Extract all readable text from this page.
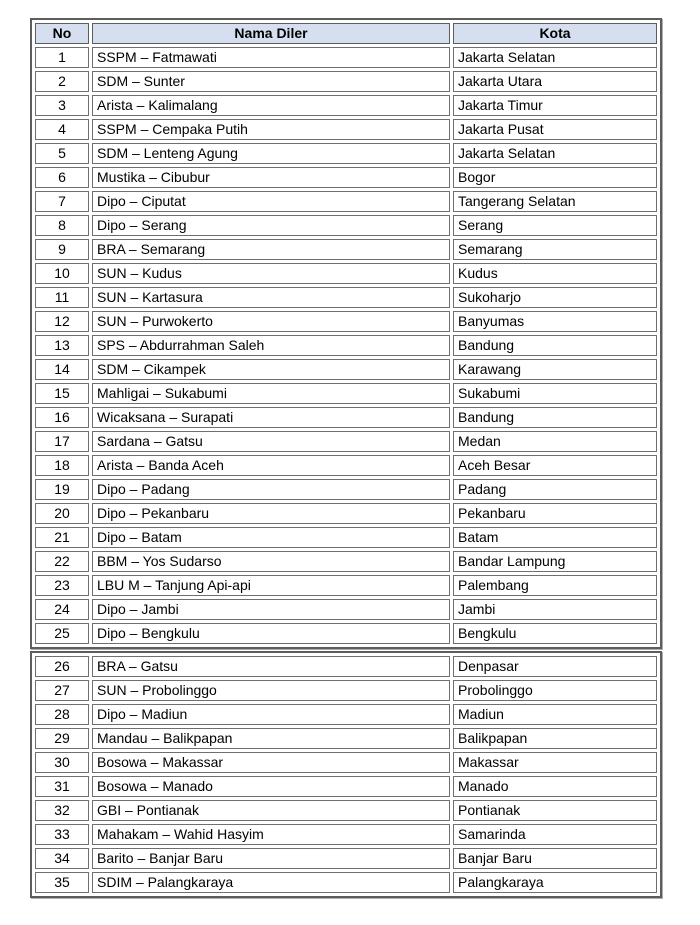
No	Nama Diler	Kota
1	SSPM – Fatmawati	Jakarta Selatan
2	SDM – Sunter	Jakarta Utara
3	Arista – Kalimalang	Jakarta Timur
4	SSPM – Cempaka Putih	Jakarta Pusat
5	SDM – Lenteng Agung	Jakarta Selatan
6	Mustika – Cibubur	Bogor
7	Dipo – Ciputat	Tangerang Selatan
8	Dipo – Serang	Serang
9	BRA – Semarang	Semarang
10	SUN – Kudus	Kudus
11	SUN – Kartasura	Sukoharjo
12	SUN – Purwokerto	Banyumas
13	SPS – Abdurrahman Saleh	Bandung
14	SDM – Cikampek	Karawang
15	Mahligai – Sukabumi	Sukabumi
16	Wicaksana – Surapati	Bandung
17	Sardana – Gatsu	Medan
18	Arista – Banda Aceh	Aceh Besar
19	Dipo – Padang	Padang
20	Dipo – Pekanbaru	Pekanbaru
21	Dipo – Batam	Batam
22	BBM – Yos Sudarso	Bandar Lampung
23	LBU M – Tanjung Api-api	Palembang
24	Dipo – Jambi	Jambi
25	Dipo – Bengkulu	Bengkulu
26	BRA – Gatsu	Denpasar
27	SUN – Probolinggo	Probolinggo
28	Dipo – Madiun	Madiun
29	Mandau – Balikpapan	Balikpapan
30	Bosowa – Makassar	Makassar
31	Bosowa – Manado	Manado
32	GBI – Pontianak	Pontianak
33	Mahakam – Wahid Hasyim	Samarinda
34	Barito – Banjar Baru	Banjar Baru
35	SDIM – Palangkaraya	Palangkaraya
